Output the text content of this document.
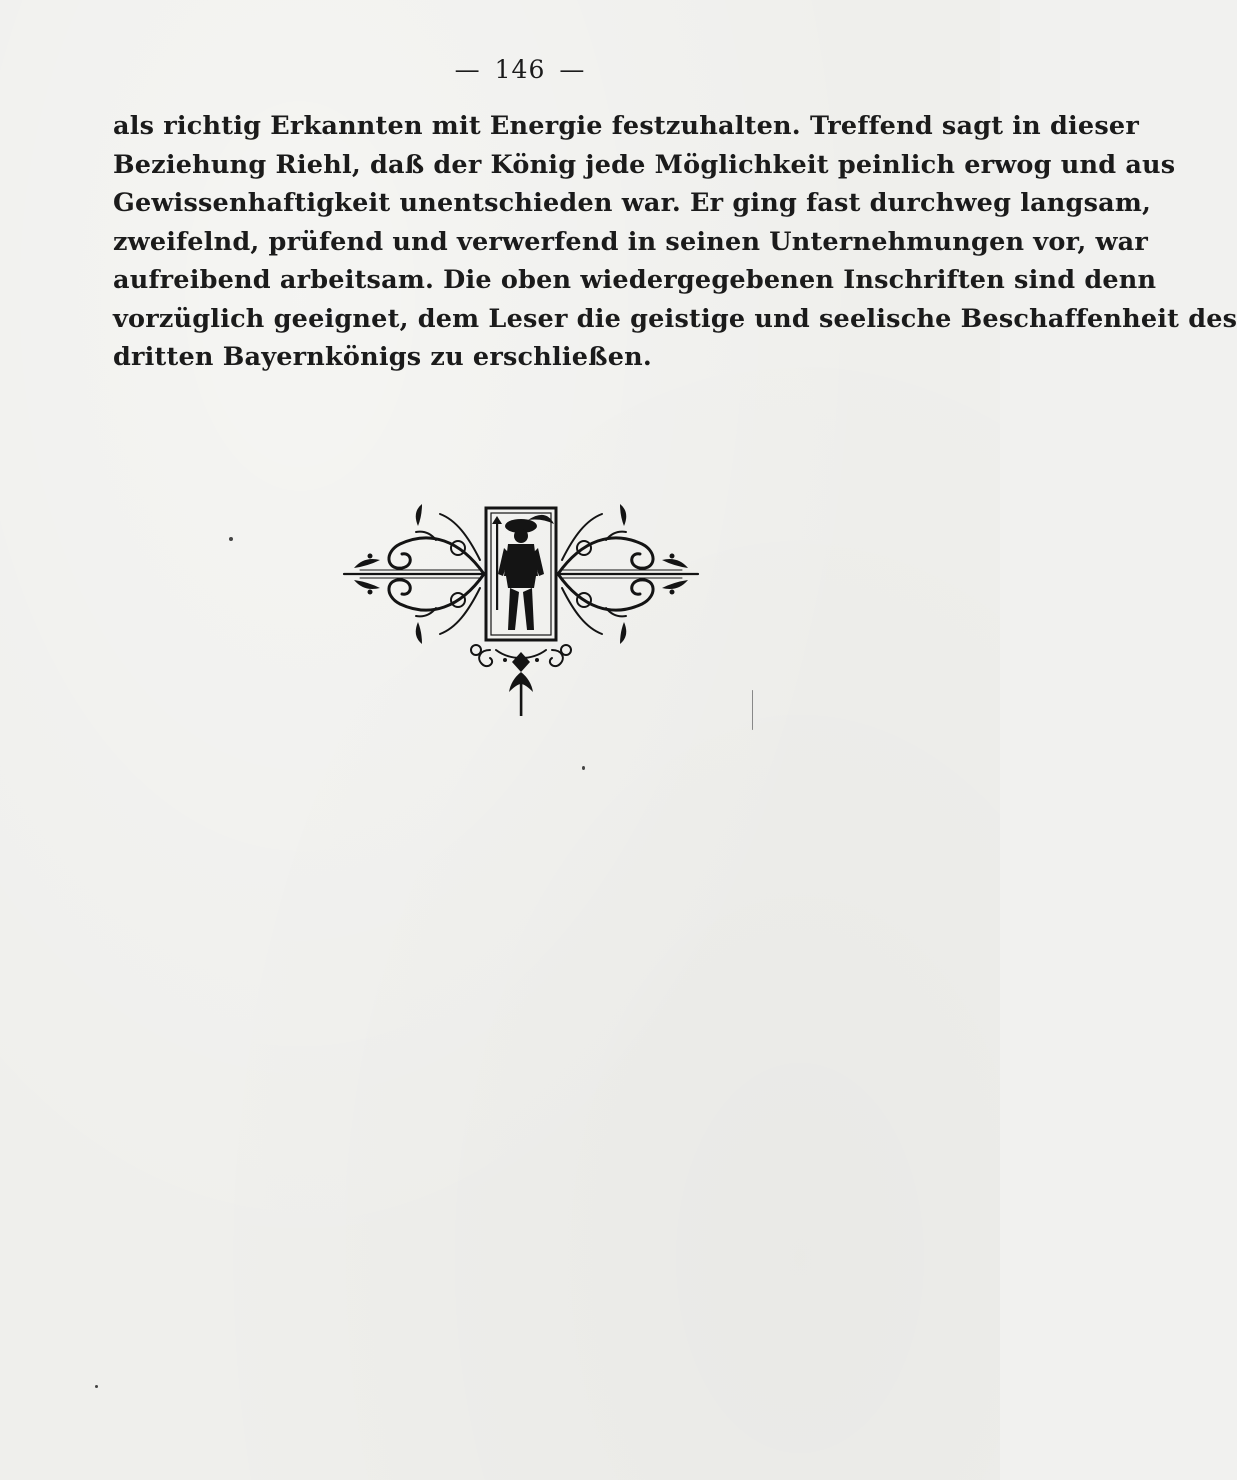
— 146 —
als richtig Erkannten mit Energie festzuhalten. Treffend sagt in dieser
Beziehung Riehl, daß der König jede Möglichkeit peinlich erwog und aus
Gewissenhaftigkeit unentschieden war. Er ging fast durchweg langsam,
zweifelnd, prüfend und verwerfend in seinen Unternehmungen vor, war
aufreibend arbeitsam. Die oben wiedergegebenen Inschriften sind denn
vorzüglich geeignet, dem Leser die geistige und seelische Beschaffenheit des
dritten Bayernkönigs zu erschließen.
